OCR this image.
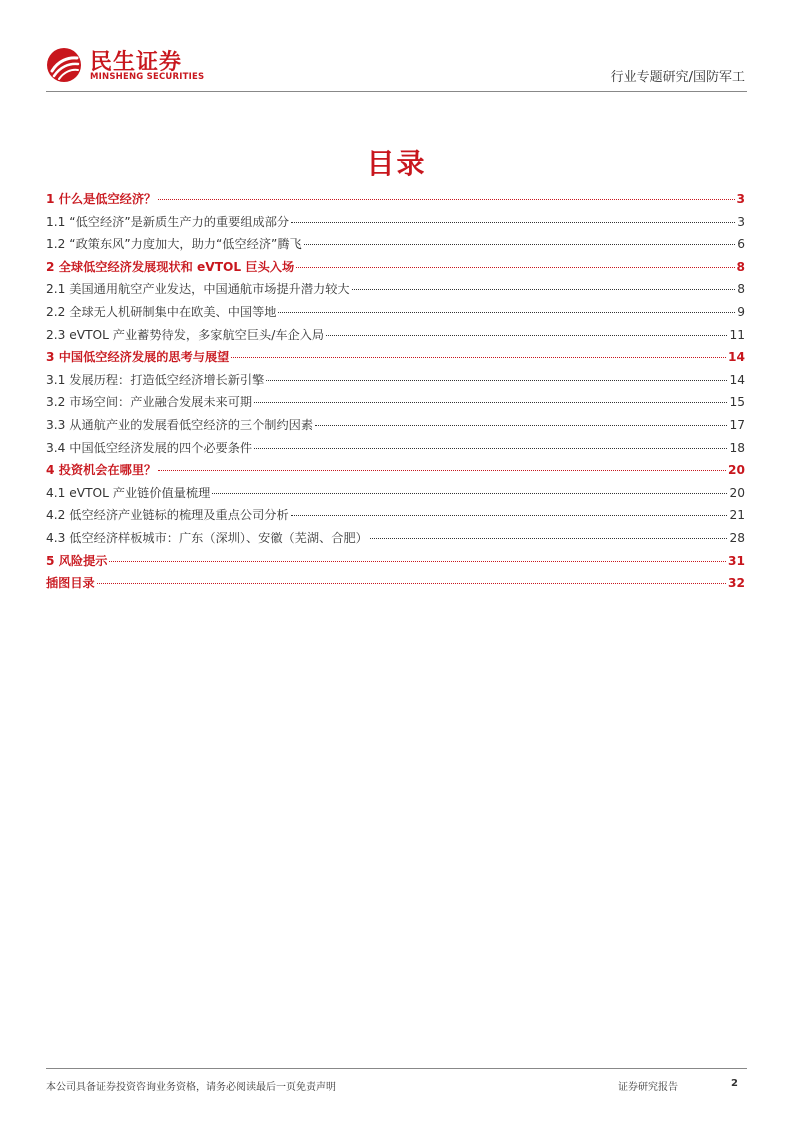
民生证券
MINSHENG SECURITIES	行业专题研究/国防军工
目录
1 什么是低空经济？	3
1.1 “低空经济”是新质生产力的重要组成部分	3
1.2 “政策东风”力度加大，助力“低空经济”腾飞	6
2 全球低空经济发展现状和 eVTOL 巨头入场	8
2.1 美国通用航空产业发达，中国通航市场提升潜力较大	8
2.2 全球无人机研制集中在欧美、中国等地	9
2.3 eVTOL 产业蓄势待发，多家航空巨头/车企入局	11
3 中国低空经济发展的思考与展望	14
3.1 发展历程：打造低空经济增长新引擎	14
3.2 市场空间：产业融合发展未来可期	15
3.3 从通航产业的发展看低空经济的三个制约因素	17
3.4 中国低空经济发展的四个必要条件	18
4 投资机会在哪里？	20
4.1 eVTOL 产业链价值量梳理	20
4.2 低空经济产业链标的梳理及重点公司分析	21
4.3 低空经济样板城市：广东（深圳）、安徽（芜湖、合肥）	28
5 风险提示	31
插图目录	32
本公司具备证券投资咨询业务资格，请务必阅读最后一页免责声明	证券研究报告	2
